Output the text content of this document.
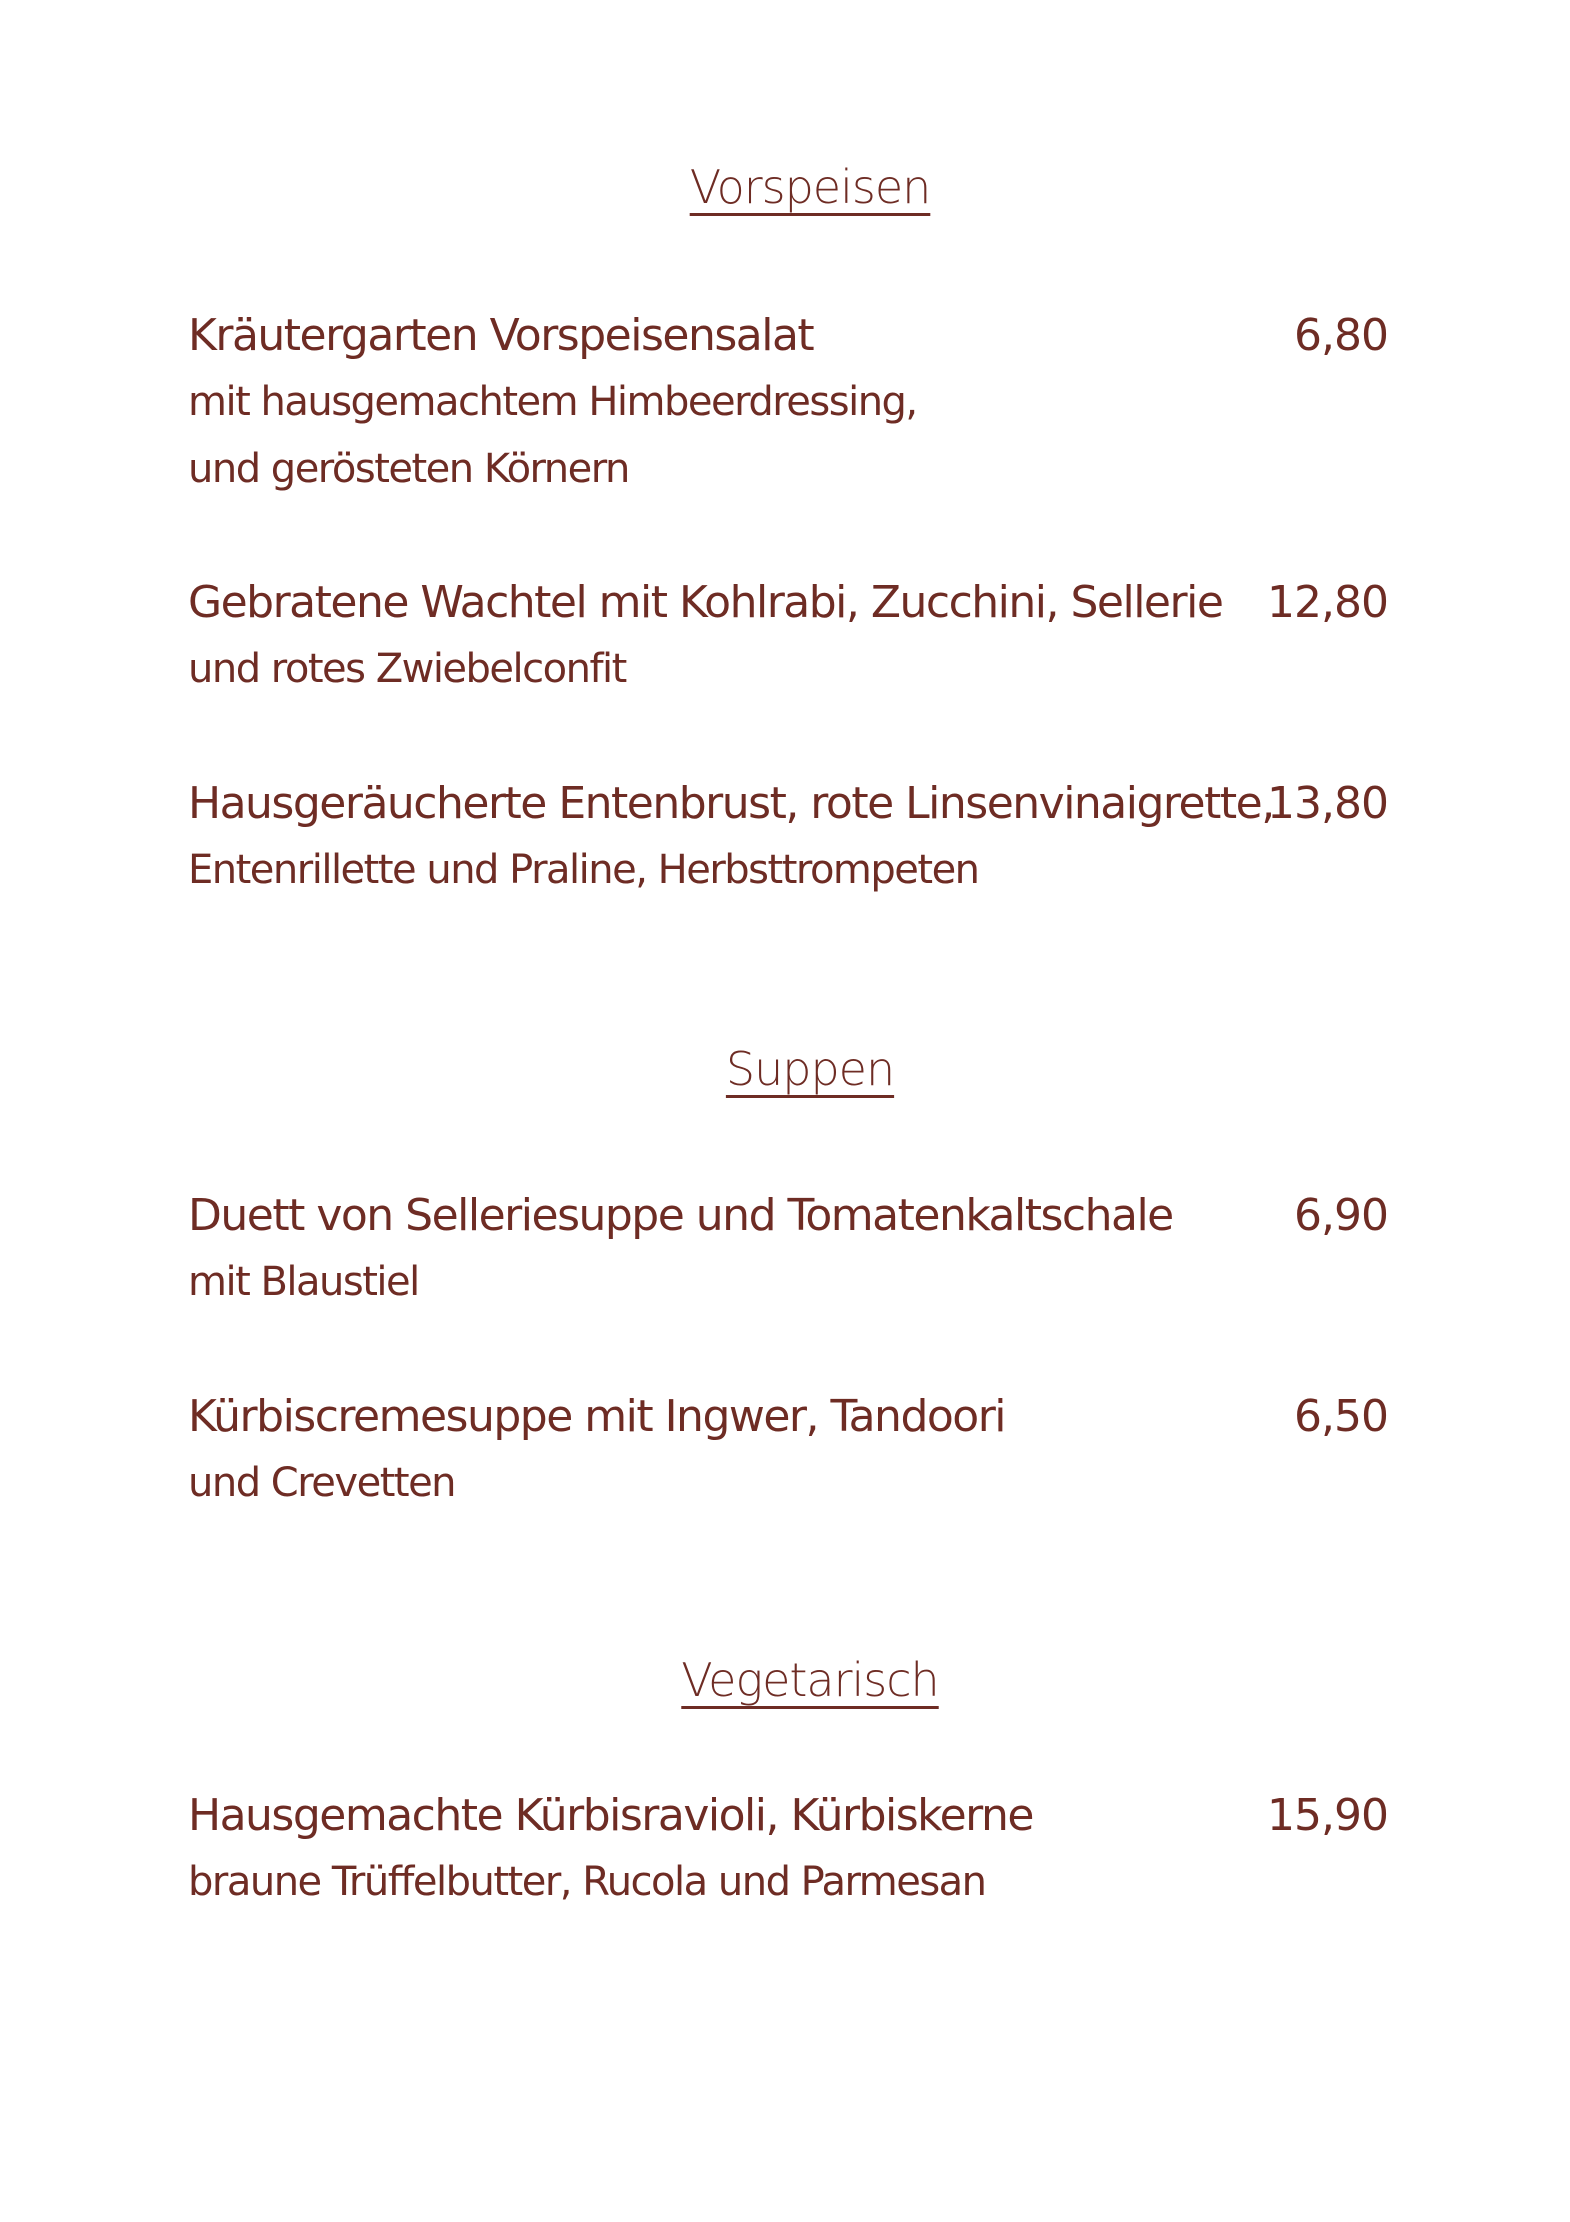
Vorspeisen
Kräutergarten Vorspeisensalat
mit hausgemachtem Himbeerdressing,
und gerösteten Körnern
6,80
Gebratene Wachtel mit Kohlrabi, Zucchini, Sellerie
und rotes Zwiebelconfit
12,80
Hausgeräucherte Entenbrust, rote Linsenvinaigrette,
Entenrillette und Praline, Herbsttrompeten
13,80
Suppen
Duett von Selleriesuppe und Tomatenkaltschale
mit Blaustiel
6,90
Kürbiscremesuppe mit Ingwer, Tandoori
und Crevetten
6,50
Vegetarisch
Hausgemachte Kürbisravioli, Kürbiskerne
braune Trüffelbutter, Rucola und Parmesan
15,90
